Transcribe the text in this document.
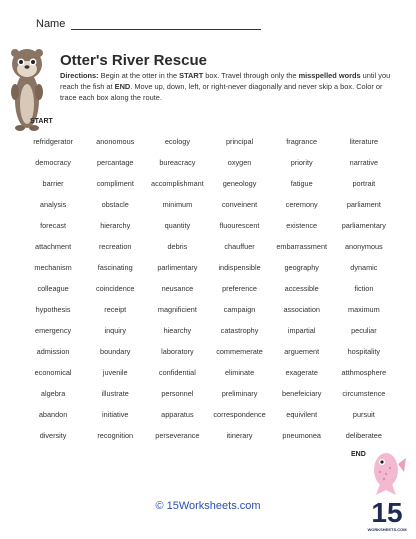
Name
Otter's River Rescue
Directions: Begin at the otter in the START box. Travel through only the misspelled words until you reach the fish at END. Move up, down, left, or right-never diagonally and never skip a box. Color or trace each box along the route.
START
refridgerator	anonomous	ecology	principal	fragrance	literature
democracy	percantage	bureacracy	oxygen	priority	narrative
barrier	compliment	accomplishmant	geneology	fatigue	portrait
analysis	obstacle	minimum	conveinent	ceremony	parliament
forecast	hierarchy	quantity	fluourescent	existence	parliamentary
attachment	recreation	debris	chauffuer	embarrassment	anonymous
mechanism	fascinating	parlimentary	indispensible	geography	dynamic
colleague	coincidence	neusance	preference	accessible	fiction
hypothesis	receipt	magnificient	campaign	association	maximum
emergency	inquiry	hiearchy	catastrophy	impartial	peculiar
admission	boundary	laboratory	commemerate	arguement	hospitality
economical	juvenile	confidential	eliminate	exagerate	atthmosphere
algebra	illustrate	personnel	preliminary	benefeiciary	circumstence
abandon	initiative	apparatus	correspondence	equivilent	pursuit
diversity	recognition	perseverance	itinerary	pneumonea	deliberatee
END
© 15Worksheets.com	15
WORKSHEETS.COM
